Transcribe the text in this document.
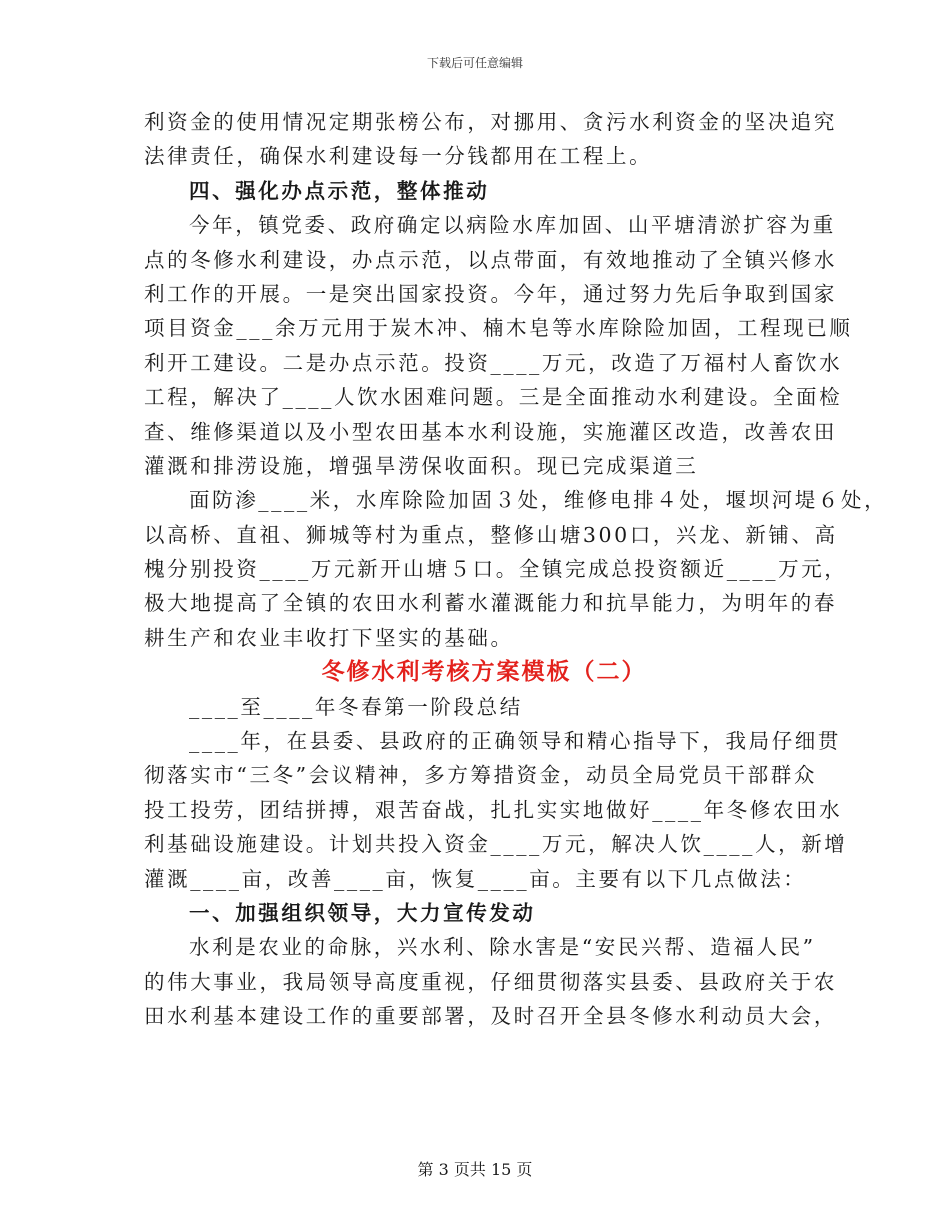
下载后可任意编辑
利资金的使用情况定期张榜公布，对挪用、贪污水利资金的坚决追究
法律责任，确保水利建设每一分钱都用在工程上。
四、强化办点示范，整体推动
今年，镇党委、政府确定以病险水库加固、山平塘清淤扩容为重
点的冬修水利建设，办点示范，以点带面，有效地推动了全镇兴修水
利工作的开展。一是突出国家投资。今年，通过努力先后争取到国家
项目资金___余万元用于炭木冲、楠木皂等水库除险加固，工程现已顺
利开工建设。二是办点示范。投资____万元，改造了万福村人畜饮水
工程，解决了____人饮水困难问题。三是全面推动水利建设。全面检
查、维修渠道以及小型农田基本水利设施，实施灌区改造，改善农田
灌溉和排涝设施，增强旱涝保收面积。现已完成渠道三
面防渗____米，水库除险加固３处，维修电排４处，堰坝河堤６处，
以高桥、直祖、狮城等村为重点，整修山塘300口，兴龙、新铺、高
槐分别投资____万元新开山塘５口。全镇完成总投资额近____万元，
极大地提高了全镇的农田水利蓄水灌溉能力和抗旱能力，为明年的春
耕生产和农业丰收打下坚实的基础。
冬修水利考核方案模板（二）
____至____年冬春第一阶段总结
____年，在县委、县政府的正确领导和精心指导下，我局仔细贯
彻落实市“三冬”会议精神，多方筹措资金，动员全局党员干部群众
投工投劳，团结拼搏，艰苦奋战，扎扎实实地做好____年冬修农田水
利基础设施建设。计划共投入资金____万元，解决人饮____人，新增
灌溉____亩，改善____亩，恢复____亩。主要有以下几点做法：
一、加强组织领导，大力宣传发动
水利是农业的命脉，兴水利、除水害是“安民兴帮、造福人民”
的伟大事业，我局领导高度重视，仔细贯彻落实县委、县政府关于农
田水利基本建设工作的重要部署，及时召开全县冬修水利动员大会，
第 3 页共 15 页
